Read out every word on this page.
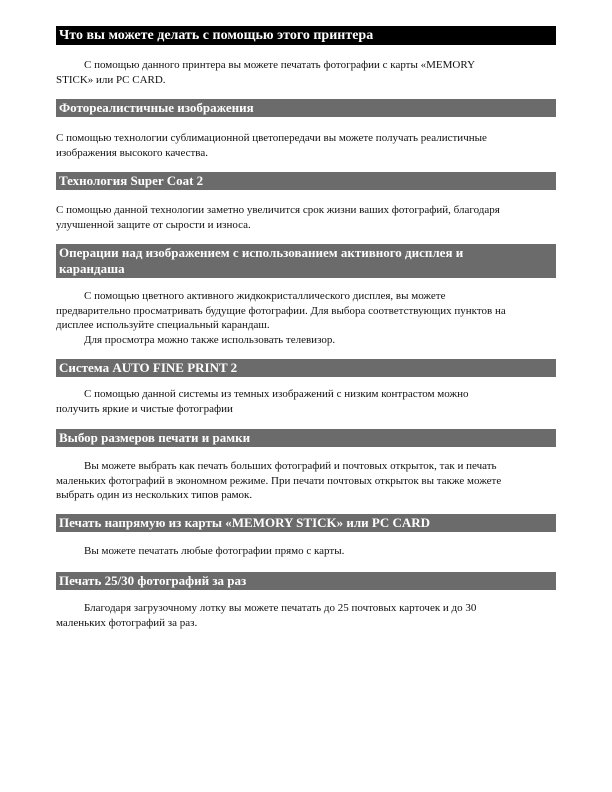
Что вы можете делать с помощью этого принтера

С помощью данного принтера вы можете печатать фотографии с карты «MEMORY
STICK» или PC CARD.

Фотореалистичные изображения

С помощью технологии сублимационной цветопередачи вы можете получать реалистичные
изображения высокого качества.

Технология Super Coat 2

С помощью данной технологии заметно увеличится срок жизни ваших фотографий, благодаря
улучшенной защите от сырости и износа.

Операции над изображением с использованием активного дисплея и
карандаша

С помощью цветного активного жидкокристаллического дисплея, вы можете
предварительно просматривать будущие фотографии. Для выбора соответствующих пунктов на
дисплее используйте специальный карандаш.
Для просмотра можно также использовать телевизор.

Система AUTO FINE PRINT 2

С помощью данной системы из темных изображений с низким контрастом можно
получить яркие и чистые фотографии

Выбор размеров печати и рамки

Вы можете выбрать как печать больших фотографий и почтовых открыток, так и печать
маленьких фотографий в экономном режиме. При печати почтовых открыток вы также можете
выбрать один из нескольких типов рамок.

Печать напрямую из карты «MEMORY STICK» или PC CARD

Вы можете печатать любые фотографии прямо с карты.

Печать 25/30 фотографий за раз

Благодаря загрузочному лотку вы можете печатать до 25 почтовых карточек и до 30
маленьких фотографий за раз.
